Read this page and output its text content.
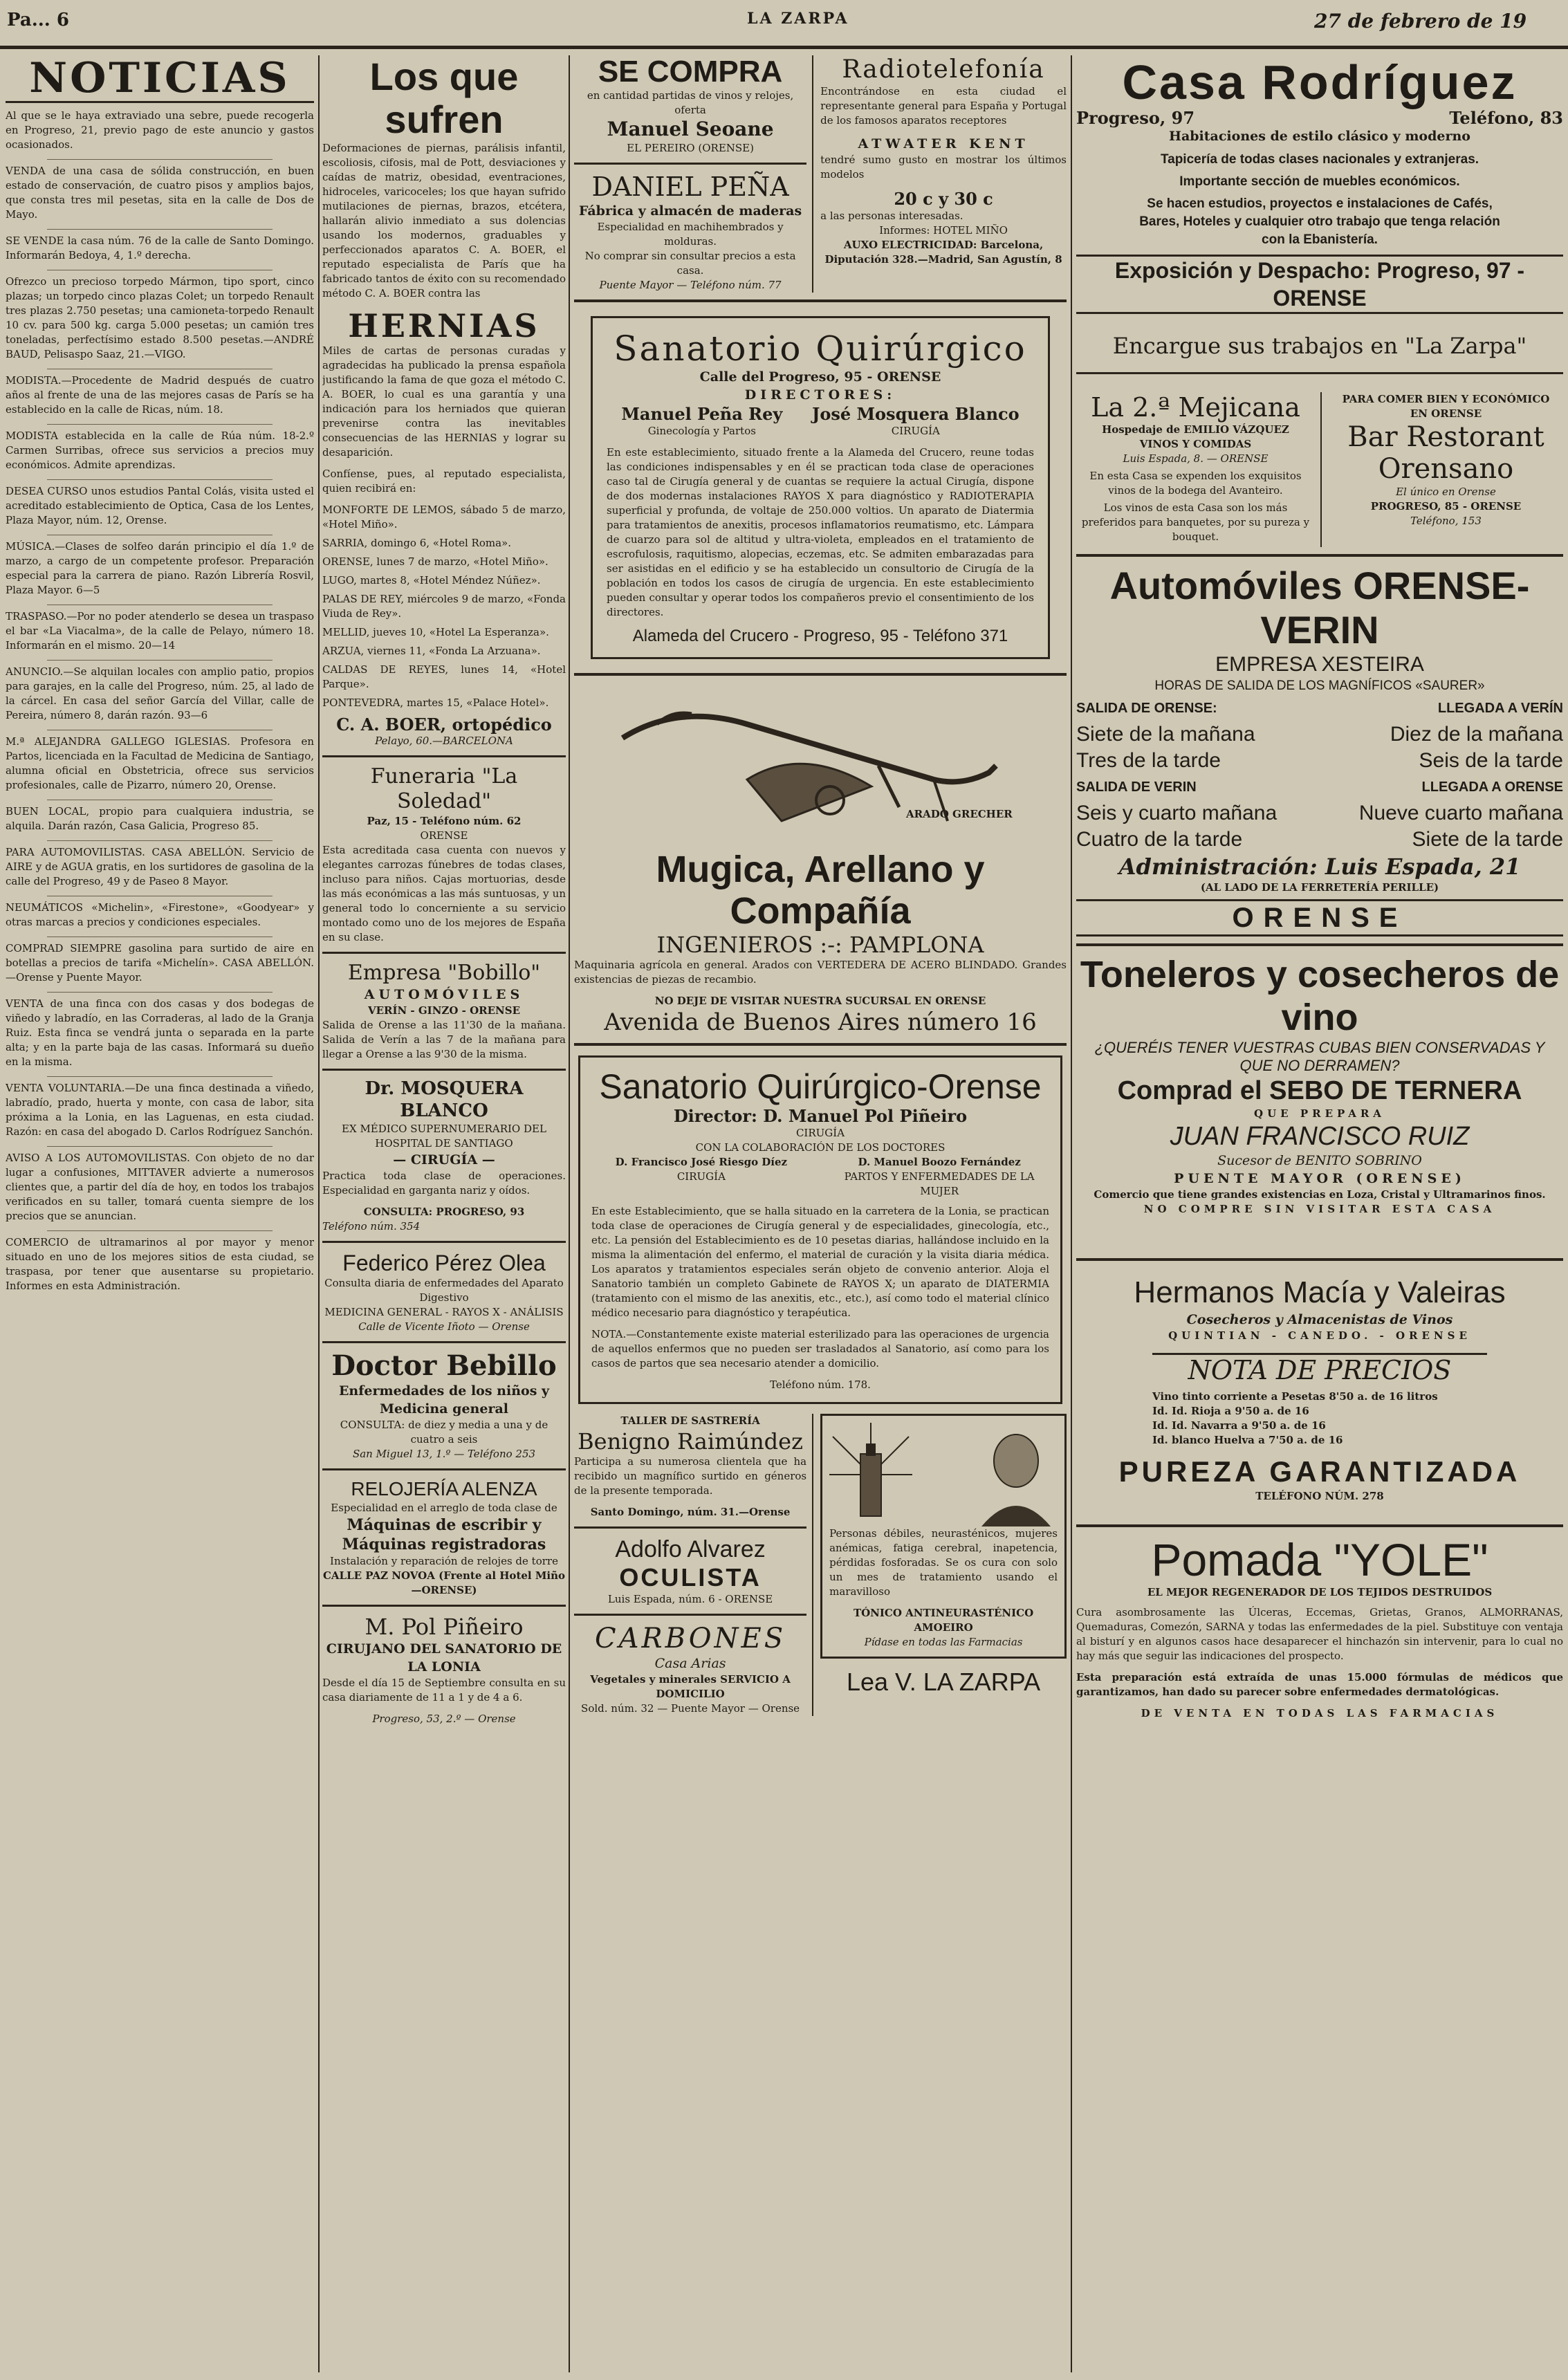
Pa... 6	LA ZARPA	27 de febrero de 19
NOTICIAS

Al que se le haya extraviado una sebre, puede recogerla en Progreso, 21, previo pago de este anuncio y gastos ocasionados.

VENDA de una casa de sólida construcción, en buen estado de conservación, de cuatro pisos y amplios bajos, que consta tres mil pesetas, sita en la calle de Dos de Mayo.

SE VENDE la casa núm. 76 de la calle de Santo Domingo. Informarán Bedoya, 4, 1.º derecha.

Ofrezco un precioso torpedo Mármon, tipo sport, cinco plazas; un torpedo cinco plazas Colet; un torpedo Renault tres plazas 2.750 pesetas; una camioneta-torpedo Renault 10 cv. para 500 kg. carga 5.000 pesetas; un camión tres toneladas, perfectísimo estado 8.500 pesetas.—ANDRÉ BAUD, Pelisaspo Saaz, 21.—VIGO.

MODISTA.—Procedente de Madrid después de cuatro años al frente de una de las mejores casas de París se ha establecido en la calle de Ricas, núm. 18.

MODISTA establecida en la calle de Rúa núm. 18-2.º Carmen Surribas, ofrece sus servicios a precios muy económicos. Admite aprendizas.

DESEA CURSO unos estudios Pantal Colás, visita usted el acreditado establecimiento de Optica, Casa de los Lentes, Plaza Mayor, núm. 12, Orense.

MÚSICA.—Clases de solfeo darán principio el día 1.º de marzo, a cargo de un competente profesor. Preparación especial para la carrera de piano. Razón Librería Rosvil, Plaza Mayor. 6—5

TRASPASO.—Por no poder atenderlo se desea un traspaso el bar «La Viacalma», de la calle de Pelayo, número 18. Informarán en el mismo. 20—14

ANUNCIO.—Se alquilan locales con amplio patio, propios para garajes, en la calle del Progreso, núm. 25, al lado de la cárcel. En casa del señor García del Villar, calle de Pereira, número 8, darán razón. 93—6

M.ª ALEJANDRA GALLEGO IGLESIAS. Profesora en Partos, licenciada en la Facultad de Medicina de Santiago, alumna oficial en Obstetricia, ofrece sus servicios profesionales, calle de Pizarro, número 20, Orense.

BUEN LOCAL, propio para cualquiera industria, se alquila. Darán razón, Casa Galicia, Progreso 85.

PARA AUTOMOVILISTAS. CASA ABELLÓN. Servicio de AIRE y de AGUA gratis, en los surtidores de gasolina de la calle del Progreso, 49 y de Paseo 8 Mayor.

NEUMÁTICOS «Michelin», «Firestone», «Goodyear» y otras marcas a precios y condiciones especiales.

COMPRAD SIEMPRE gasolina para surtido de aire en botellas a precios de tarifa «Michelín». CASA ABELLÓN.—Orense y Puente Mayor.

VENTA de una finca con dos casas y dos bodegas de viñedo y labradío, en las Corraderas, al lado de la Granja Ruiz. Esta finca se vendrá junta o separada en la parte alta; y en la parte baja de las casas. Informará su dueño en la misma.

VENTA VOLUNTARIA.—De una finca destinada a viñedo, labradío, prado, huerta y monte, con casa de labor, sita próxima a la Lonia, en las Laguenas, en esta ciudad. Razón: en casa del abogado D. Carlos Rodríguez Sanchón.

AVISO A LOS AUTOMOVILISTAS. Con objeto de no dar lugar a confusiones, MITTAVER advierte a numerosos clientes que, a partir del día de hoy, en todos los trabajos verificados en su taller, tomará cuenta siempre de los precios que se anuncian.

COMERCIO de ultramarinos al por mayor y menor situado en uno de los mejores sitios de esta ciudad, se traspasa, por tener que ausentarse su propietario. Informes en esta Administración.

Los que sufren

Deformaciones de piernas, parálisis infantil, escoliosis, cifosis, mal de Pott, desviaciones y caídas de matriz, obesidad, eventraciones, hidroceles, varicoceles; los que hayan sufrido mutilaciones de piernas, brazos, etcétera, hallarán alivio inmediato a sus dolencias usando los modernos, graduables y perfeccionados aparatos C. A. BOER, el reputado especialista de París que ha fabricado tantos de éxito con su recomendado método C. A. BOER contra las

HERNIAS

Miles de cartas de personas curadas y agradecidas ha publicado la prensa española justificando la fama de que goza el método C. A. BOER, lo cual es una garantía y una indicación para los herniados que quieran prevenirse contra las inevitables consecuencias de las HERNIAS y lograr su desaparición.

Confíense, pues, al reputado especialista, quien recibirá en:

MONFORTE DE LEMOS, sábado 5 de marzo, «Hotel Miño».

SARRIA, domingo 6, «Hotel Roma».

ORENSE, lunes 7 de marzo, «Hotel Miño».

LUGO, martes 8, «Hotel Méndez Núñez».

PALAS DE REY, miércoles 9 de marzo, «Fonda Viuda de Rey».

MELLID, jueves 10, «Hotel La Esperanza».

ARZUA, viernes 11, «Fonda La Arzuana».

CALDAS DE REYES, lunes 14, «Hotel Parque».

PONTEVEDRA, martes 15, «Palace Hotel».

C. A. BOER, ortopédico
Pelayo, 60.—BARCELONA
Funeraria "La Soledad"
Paz, 15 - Teléfono núm. 62
ORENSE

Esta acreditada casa cuenta con nuevos y elegantes carrozas fúnebres de todas clases, incluso para niños. Cajas mortuorias, desde las más económicas a las más suntuosas, y un general todo lo concerniente a su servicio montado como uno de los mejores de España en su clase.

Empresa "Bobillo"
AUTOMÓVILES
VERÍN - GINZO - ORENSE

Salida de Orense a las 11'30 de la mañana. Salida de Verín a las 7 de la mañana para llegar a Orense a las 9'30 de la misma.

Dr. MOSQUERA BLANCO
EX MÉDICO SUPERNUMERARIO DEL HOSPITAL DE SANTIAGO
— CIRUGÍA —

Practica toda clase de operaciones. Especialidad en garganta nariz y oídos.

CONSULTA: PROGRESO, 93
Teléfono núm. 354
Federico Pérez Olea
Consulta diaria de enfermedades del Aparato Digestivo
MEDICINA GENERAL - RAYOS X - ANÁLISIS
Calle de Vicente Iñoto — Orense
Doctor Bebillo
Enfermedades de los niños y Medicina general
CONSULTA: de diez y media a una y de cuatro a seis
San Miguel 13, 1.º — Teléfono 253
RELOJERÍA ALENZA
Especialidad en el arreglo de toda clase de
Máquinas de escribir y Máquinas registradoras
Instalación y reparación de relojes de torre
CALLE PAZ NOVOA (Frente al Hotel Miño—ORENSE)
M. Pol Piñeiro
CIRUJANO DEL SANATORIO DE LA LONIA

Desde el día 15 de Septiembre consulta en su casa diariamente de 11 a 1 y de 4 a 6.

Progreso, 53, 2.º — Orense
SE COMPRA
en cantidad partidas de vinos y relojes, oferta
Manuel Seoane
EL PEREIRO (ORENSE)
DANIEL PEÑA
Fábrica y almacén de maderas
Especialidad en machihembrados y molduras.
No comprar sin consultar precios a esta casa.
Puente Mayor — Teléfono núm. 77
Radiotelefonía

Encontrándose en esta ciudad el representante general para España y Portugal de los famosos aparatos receptores

ATWATER KENT

tendré sumo gusto en mostrar los últimos modelos

20 c y 30 c
a las personas interesadas.
Informes: HOTEL MIÑO
AUXO ELECTRICIDAD: Barcelona,
Diputación 328.—Madrid, San Agustín, 8
Sanatorio Quirúrgico
Calle del Progreso, 95 - ORENSE
DIRECTORES:
Manuel Peña Rey
Ginecología y Partos
José Mosquera Blanco
CIRUGÍA

En este establecimiento, situado frente a la Alameda del Crucero, reune todas las condiciones indispensables y en él se practican toda clase de operaciones caso tal de Cirugía general y de cuantas se requiere la actual Cirugía, dispone de dos modernas instalaciones RAYOS X para diagnóstico y RADIOTERAPIA superficial y profunda, de voltaje de 250.000 voltios. Un aparato de Diatermia para tratamientos de anexitis, procesos inflamatorios reumatismo, etc. Lámpara de cuarzo para sol de altitud y ultra-violeta, empleados en el tratamiento de escrofulosis, raquitismo, alopecias, eczemas, etc. Se admiten embarazadas para ser asistidas en el edificio y se ha establecido un consultorio de Cirugía de la población en todos los casos de cirugía de urgencia. En este establecimiento pueden consultar y operar todos los compañeros previo el consentimiento de los directores.

Alameda del Crucero - Progreso, 95 - Teléfono 371
ARADO GRECHER
Mugica, Arellano y Compañía
INGENIEROS :-: PAMPLONA

Maquinaria agrícola en general. Arados con VERTEDERA DE ACERO BLINDADO. Grandes existencias de piezas de recambio.

NO DEJE DE VISITAR NUESTRA SUCURSAL EN ORENSE
Avenida de Buenos Aires número 16
Sanatorio Quirúrgico-Orense
Director: D. Manuel Pol Piñeiro
CIRUGÍA
CON LA COLABORACIÓN DE LOS DOCTORES
D. Francisco José Riesgo Díez
CIRUGÍA
D. Manuel Boozo Fernández
PARTOS Y ENFERMEDADES DE LA MUJER

En este Establecimiento, que se halla situado en la carretera de la Lonia, se practican toda clase de operaciones de Cirugía general y de especialidades, ginecología, etc., etc. La pensión del Establecimiento es de 10 pesetas diarias, hallándose incluido en la misma la alimentación del enfermo, el material de curación y la visita diaria médica. Los aparatos y tratamientos especiales serán objeto de convenio anterior. Aloja el Sanatorio también un completo Gabinete de RAYOS X; un aparato de DIATERMIA (tratamiento con el mismo de las anexitis, etc., etc.), así como todo el material clínico médico necesario para diagnóstico y terapéutica.

NOTA.—Constantemente existe material esterilizado para las operaciones de urgencia de aquellos enfermos que no pueden ser trasladados al Sanatorio, así como para los casos de partos que sea necesario atender a domicilio.

Teléfono núm. 178.
TALLER DE SASTRERÍA
Benigno Raimúndez

Participa a su numerosa clientela que ha recibido un magnífico surtido en géneros de la presente temporada.

Santo Domingo, núm. 31.—Orense
Adolfo Alvarez
OCULISTA
Luis Espada, núm. 6 - ORENSE
CARBONES
Casa Arias
Vegetales y minerales SERVICIO A DOMICILIO
Sold. núm. 32 — Puente Mayor — Orense

Personas débiles, neurasténicos, mujeres anémicas, fatiga cerebral, inapetencia, pérdidas fosforadas. Se os cura con solo un mes de tratamiento usando el maravilloso

TÓNICO ANTINEURASTÉNICO AMOEIRO
Pídase en todas las Farmacias
Lea V. LA ZARPA
Casa Rodríguez
Progreso, 97	Teléfono, 83
Habitaciones de estilo clásico y moderno

Tapicería de todas clases nacionales y extranjeras.

Importante sección de muebles económicos.

Se hacen estudios, proyectos e instalaciones de Cafés, Bares, Hoteles y cualquier otro trabajo que tenga relación con la Ebanistería.

Exposición y Despacho: Progreso, 97 - ORENSE
Encargue sus trabajos en "La Zarpa"
La 2.ª Mejicana
Hospedaje de EMILIO VÁZQUEZ
VINOS Y COMIDAS
Luis Espada, 8. — ORENSE

En esta Casa se expenden los exquisitos vinos de la bodega del Avanteiro.

Los vinos de esta Casa son los más preferidos para banquetes, por su pureza y bouquet.

PARA COMER BIEN Y ECONÓMICO
EN ORENSE
Bar Restorant Orensano
El único en Orense
PROGRESO, 85 - ORENSE
Teléfono, 153
Automóviles ORENSE-VERIN
EMPRESA XESTEIRA
HORAS DE SALIDA DE LOS MAGNÍFICOS «SAURER»
SALIDA DE ORENSE:	LLEGADA A VERÍN
Siete de la mañana	Diez de la mañana
Tres de la tarde	Seis de la tarde
SALIDA DE VERIN	LLEGADA A ORENSE
Seis y cuarto mañana	Nueve cuarto mañana
Cuatro de la tarde	Siete de la tarde
Administración: Luis Espada, 21
(AL LADO DE LA FERRETERÍA PERILLE)
ORENSE
Toneleros y cosecheros de vino
¿QUERÉIS TENER VUESTRAS CUBAS BIEN CONSERVADAS Y QUE NO DERRAMEN?
Comprad el SEBO DE TERNERA
QUE PREPARA
JUAN FRANCISCO RUIZ
Sucesor de BENITO SOBRINO
PUENTE MAYOR (ORENSE)
Comercio que tiene grandes existencias en Loza, Cristal y Ultramarinos finos.
NO COMPRE SIN VISITAR ESTA CASA
Hermanos Macía y Valeiras
Cosecheros y Almacenistas de Vinos
QUINTIAN - CANEDO. - ORENSE
NOTA DE PRECIOS
Vino tinto corriente a Pesetas 8'50 a. de 16 litros
Id. Id. Rioja a 9'50 a. de 16
Id. Id. Navarra a 9'50 a. de 16
Id. blanco Huelva a 7'50 a. de 16
PUREZA GARANTIZADA
TELÉFONO NÚM. 278
Pomada "YOLE"
EL MEJOR REGENERADOR DE LOS TEJIDOS DESTRUIDOS

Cura asombrosamente las Úlceras, Eccemas, Grietas, Granos, ALMORRANAS, Quemaduras, Comezón, SARNA y todas las enfermedades de la piel. Substituye con ventaja al bisturí y en algunos casos hace desaparecer el hinchazón sin intervenir, para lo cual no hay más que seguir las indicaciones del prospecto.

Esta preparación está extraída de unas 15.000 fórmulas de médicos que garantizamos, han dado su parecer sobre enfermedades dermatológicas.

DE VENTA EN TODAS LAS FARMACIAS
